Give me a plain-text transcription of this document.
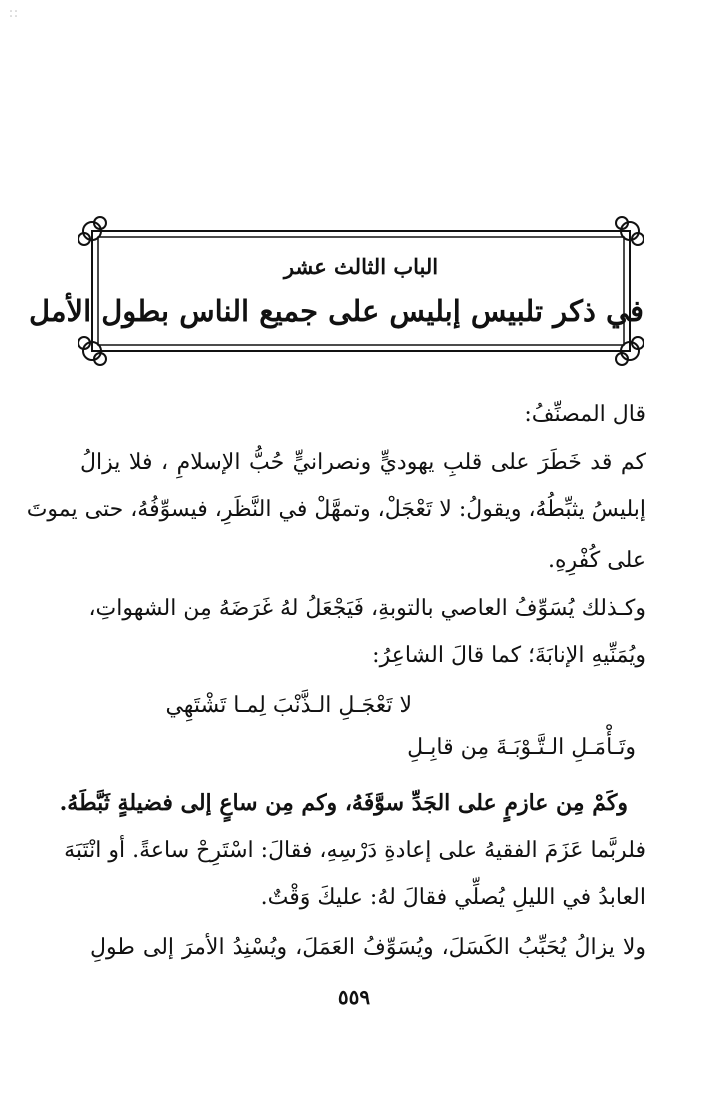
الباب الثالث عشر
في ذكر تلبيس إبليس على جميع الناس بطول الأمل
قال المصنِّفُ:
كم قد خَطَرَ على قلبِ يهوديٍّ ونصرانيٍّ حُبُّ الإسلامِ ، فلا يزالُ
إبليسُ يثبِّطُهُ، ويقولُ: لا تَعْجَلْ، وتمهَّلْ في النَّظَرِ، فيسوِّفُهُ، حتى يموتَ
على كُفْرِهِ.
وكـذلك يُسَوِّفُ العاصي بالتوبةِ، فَيَجْعَلُ لهُ غَرَضَهُ مِن الشهواتِ،
ويُمَنِّيهِ الإنابَةَ؛ كما قالَ الشاعِرُ:
لا تَعْجَـلِ الـذَّنْبَ لِمـا تَشْتَهِي
وتَـأْمَـلِ الـتَّـوْبَـةَ مِن قابِـلِ
وكَمْ مِن عازمٍ على الجَدِّ سوَّفَهُ، وكم مِن ساعٍ إلى فضيلةٍ ثَبَّطَهُ.
فلربَّما عَزَمَ الفقيهُ على إعادةِ دَرْسِهِ، فقالَ: اسْتَرِحْ ساعةً. أو انْتَبَهَ
العابدُ في الليلِ يُصلِّي فقالَ لهُ: عليكَ وَقْتٌ.
ولا يزالُ يُحَبِّبُ الكَسَلَ، ويُسَوِّفُ العَمَلَ، ويُسْنِدُ الأمرَ إلى طولِ
٥٥٩
